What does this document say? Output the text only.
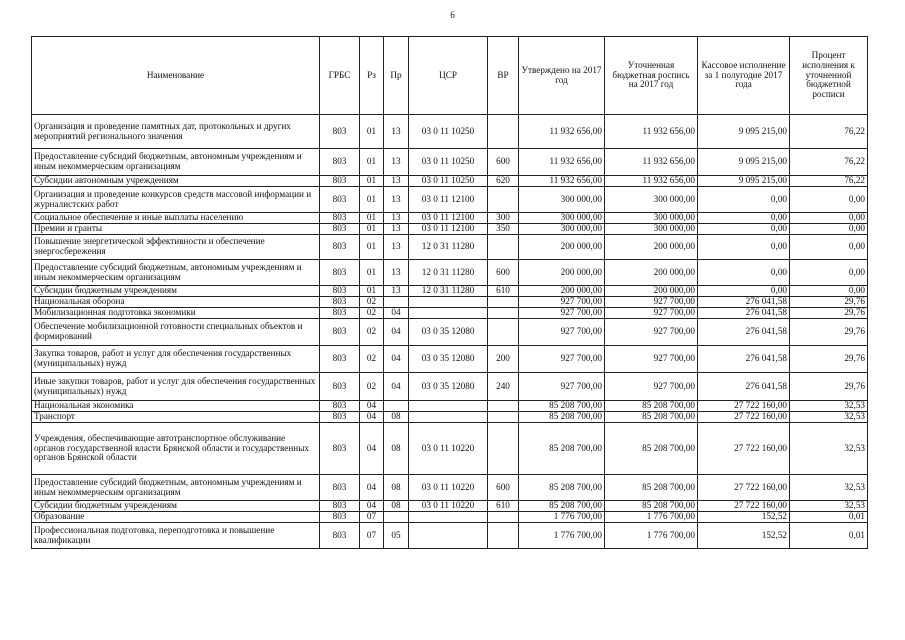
6
Наименование	ГРБС	Рз	Пр	ЦСР	ВР	Утверждено на 2017 год	Уточненная бюджетная роспись на 2017 год	Кассовое исполнение за 1 полугодие 2017 года	Процент исполнения к уточненной бюджетной росписи
Организация и проведение памятных дат, протокольных и других мероприятий регионального значения	803	01	13	03 0 11 10250		11 932 656,00	11 932 656,00	9 095 215,00	76,22
Предоставление субсидий бюджетным, автономным учреждениям и иным некоммерческим организациям	803	01	13	03 0 11 10250	600	11 932 656,00	11 932 656,00	9 095 215,00	76,22
Субсидии автономным учреждениям	803	01	13	03 0 11 10250	620	11 932 656,00	11 932 656,00	9 095 215,00	76,22
Организация и проведение конкурсов средств массовой информации и журналистских работ	803	01	13	03 0 11 12100		300 000,00	300 000,00	0,00	0,00
Социальное обеспечение и иные выплаты населению	803	01	13	03 0 11 12100	300	300 000,00	300 000,00	0,00	0,00
Премии и гранты	803	01	13	03 0 11 12100	350	300 000,00	300 000,00	0,00	0,00
Повышение энергетической эффективности и обеспечение энергосбережения	803	01	13	12 0 31 11280		200 000,00	200 000,00	0,00	0,00
Предоставление субсидий бюджетным, автономным учреждениям и иным некоммерческим организациям	803	01	13	12 0 31 11280	600	200 000,00	200 000,00	0,00	0,00
Субсидии бюджетным учреждениям	803	01	13	12 0 31 11280	610	200 000,00	200 000,00	0,00	0,00
Национальная оборона	803	02				927 700,00	927 700,00	276 041,58	29,76
Мобилизационная подготовка экономики	803	02	04			927 700,00	927 700,00	276 041,58	29,76
Обеспечение мобилизационной готовности специальных объектов и формирований	803	02	04	03 0 35 12080		927 700,00	927 700,00	276 041,58	29,76
Закупка товаров, работ и услуг для обеспечения государственных (муниципальных) нужд	803	02	04	03 0 35 12080	200	927 700,00	927 700,00	276 041,58	29,76
Иные закупки товаров, работ и услуг для обеспечения государственных (муниципальных) нужд	803	02	04	03 0 35 12080	240	927 700,00	927 700,00	276 041,58	29,76
Национальная экономика	803	04				85 208 700,00	85 208 700,00	27 722 160,00	32,53
Транспорт	803	04	08			85 208 700,00	85 208 700,00	27 722 160,00	32,53
Учреждения, обеспечивающие автотранспортное обслуживание органов государственной власти Брянской области и государственных органов Брянской области	803	04	08	03 0 11 10220		85 208 700,00	85 208 700,00	27 722 160,00	32,53
Предоставление субсидий бюджетным, автономным учреждениям и иным некоммерческим организациям	803	04	08	03 0 11 10220	600	85 208 700,00	85 208 700,00	27 722 160,00	32,53
Субсидии бюджетным учреждениям	803	04	08	03 0 11 10220	610	85 208 700,00	85 208 700,00	27 722 160,00	32,53
Образование	803	07				1 776 700,00	1 776 700,00	152,52	0,01
Профессиональная подготовка, переподготовка и повышение квалификации	803	07	05			1 776 700,00	1 776 700,00	152,52	0,01
